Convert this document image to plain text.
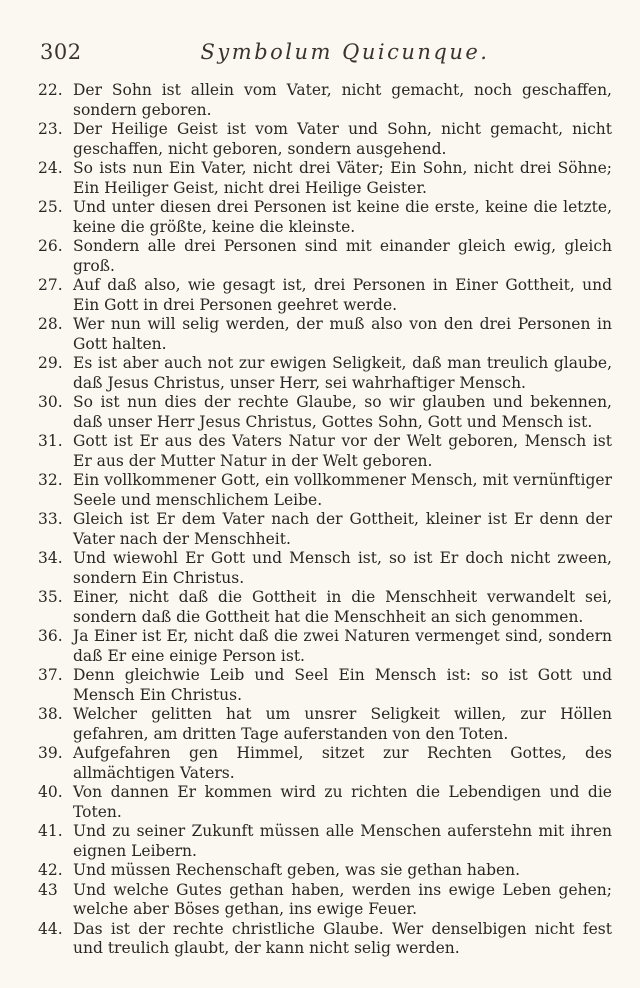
302	Symbolum Quicunque.
22. Der Sohn ist allein vom Vater, nicht gemacht, noch geschaffen, sondern geboren.
23. Der Heilige Geist ist vom Vater und Sohn, nicht gemacht, nicht geschaffen, nicht geboren, sondern ausgehend.
24. So ists nun Ein Vater, nicht drei Väter; Ein Sohn, nicht drei Söhne; Ein Heiliger Geist, nicht drei Heilige Geister.
25. Und unter diesen drei Personen ist keine die erste, keine die letzte, keine die größte, keine die kleinste.
26. Sondern alle drei Personen sind mit einander gleich ewig, gleich groß.
27. Auf daß also, wie gesagt ist, drei Personen in Einer Gottheit, und Ein Gott in drei Personen geehret werde.
28. Wer nun will selig werden, der muß also von den drei Personen in Gott halten.
29. Es ist aber auch not zur ewigen Seligkeit, daß man treulich glaube, daß Jesus Christus, unser Herr, sei wahrhaftiger Mensch.
30. So ist nun dies der rechte Glaube, so wir glauben und bekennen, daß unser Herr Jesus Christus, Gottes Sohn, Gott und Mensch ist.
31. Gott ist Er aus des Vaters Natur vor der Welt geboren, Mensch ist Er aus der Mutter Natur in der Welt geboren.
32. Ein vollkommener Gott, ein vollkommener Mensch, mit vernünftiger Seele und menschlichem Leibe.
33. Gleich ist Er dem Vater nach der Gottheit, kleiner ist Er denn der Vater nach der Menschheit.
34. Und wiewohl Er Gott und Mensch ist, so ist Er doch nicht zween, sondern Ein Christus.
35. Einer, nicht daß die Gottheit in die Menschheit verwandelt sei, sondern daß die Gottheit hat die Menschheit an sich genommen.
36. Ja Einer ist Er, nicht daß die zwei Naturen vermenget sind, sondern daß Er eine einige Person ist.
37. Denn gleichwie Leib und Seel Ein Mensch ist: so ist Gott und Mensch Ein Christus.
38. Welcher gelitten hat um unsrer Seligkeit willen, zur Höllen gefahren, am dritten Tage auferstanden von den Toten.
39. Aufgefahren gen Himmel, sitzet zur Rechten Gottes, des allmächtigen Vaters.
40. Von dannen Er kommen wird zu richten die Lebendigen und die Toten.
41. Und zu seiner Zukunft müssen alle Menschen auferstehn mit ihren eignen Leibern.
42. Und müssen Rechenschaft geben, was sie gethan haben.
43 Und welche Gutes gethan haben, werden ins ewige Leben gehen; welche aber Böses gethan, ins ewige Feuer.
44. Das ist der rechte christliche Glaube. Wer denselbigen nicht fest und treulich glaubt, der kann nicht selig werden.
